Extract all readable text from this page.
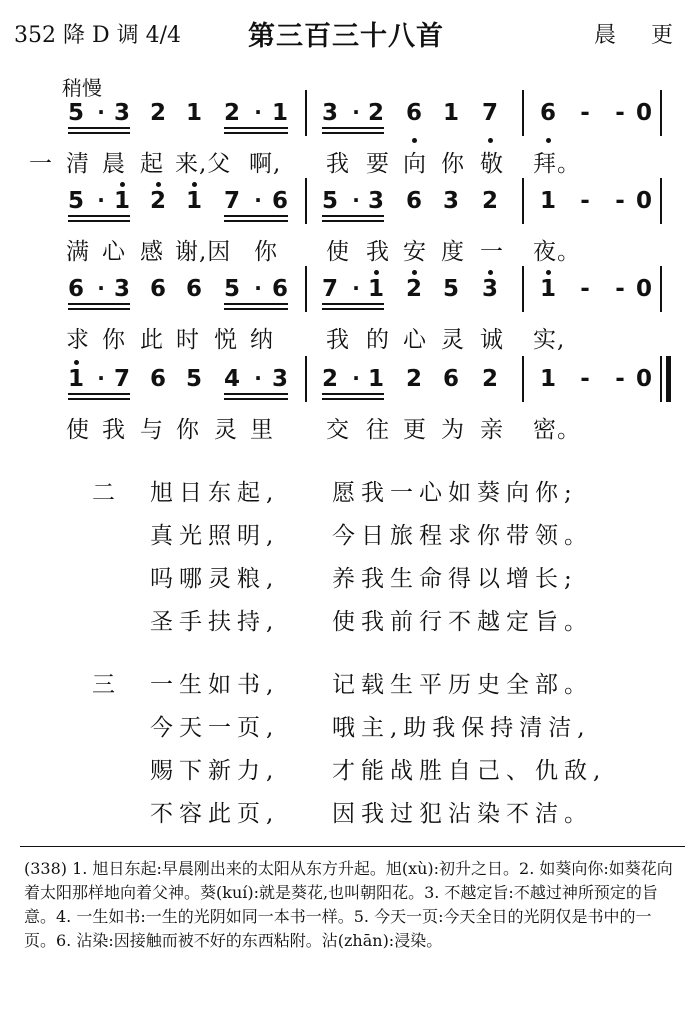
352 降 D 调 4/4 第三百三十八首	晨 更
稍慢
5 · 3 2 1 2 · 1 3 · 2 6 1 7 6 - - 0
一 清 晨 起 来,父 啊, 我 要 向 你 敬 拜。
5 · 1 2 1 7 · 6 5 · 3 6 3 2 1 - - 0
满 心 感 谢,因 你 使 我 安 度 一 夜。
6 · 3 6 6 5 · 6 7 · 1 2 5 3 1 - - 0
求 你 此 时 悦 纳 我 的 心 灵 诚 实,
1 · 7 6 5 4 · 3 2 · 1 2 6 2 1 - - 0
使 我 与 你 灵 里 交 往 更 为 亲 密。
二 旭日东起, 愿我一心如葵向你;
真光照明, 今日旅程求你带领。
吗哪灵粮, 养我生命得以增长;
圣手扶持, 使我前行不越定旨。
三 一生如书, 记载生平历史全部。
今天一页, 哦主,助我保持清洁,
赐下新力, 才能战胜自己、仇敌,
不容此页, 因我过犯沾染不洁。
(338) 1. 旭日东起:早晨刚出来的太阳从东方升起。旭(xù):初升之日。2. 如葵向你:如葵花向着太阳那样地向着父神。葵(kuí):就是葵花,也叫朝阳花。3. 不越定旨:不越过神所预定的旨意。4. 一生如书:一生的光阴如同一本书一样。5. 今天一页:今天全日的光阴仅是书中的一页。6. 沾染:因接触而被不好的东西粘附。沾(zhān):浸染。
